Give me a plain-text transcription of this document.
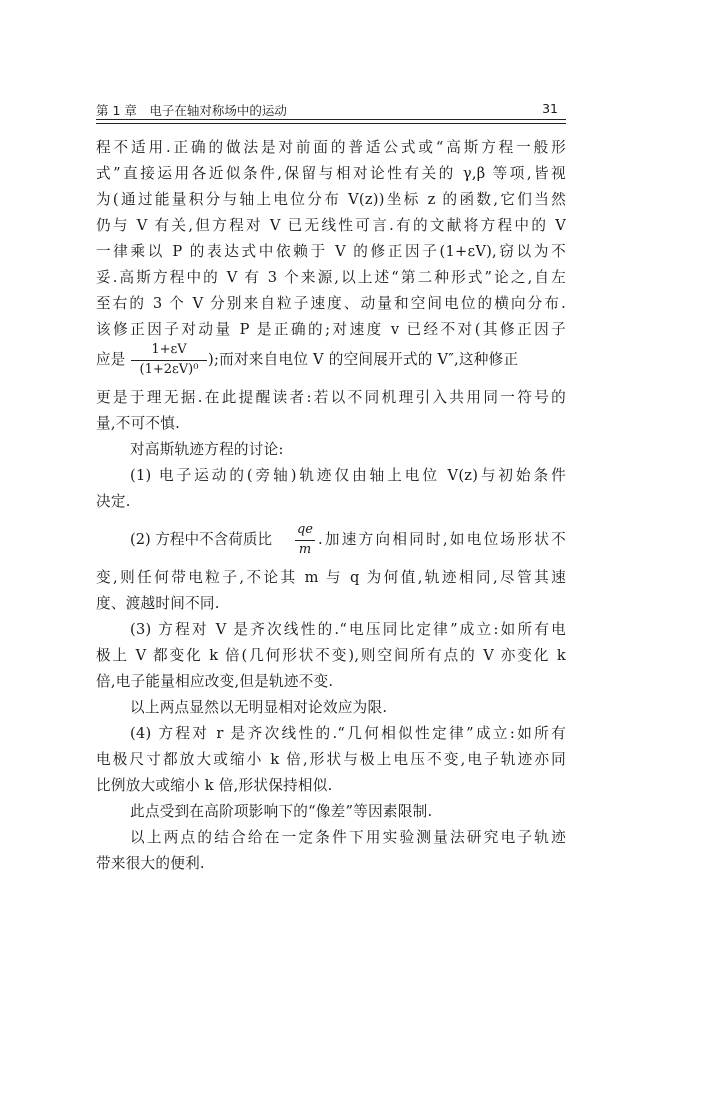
第 1 章　电子在轴对称场中的运动	31
程不适用.正确的做法是对前面的普适公式或“高斯方程一般形
式”直接运用各近似条件,保留与相对论性有关的 γ,β 等项,皆视
为(通过能量积分与轴上电位分布 V(z))坐标 z 的函数,它们当然
仍与 V 有关,但方程对 V 已无线性可言.有的文献将方程中的 V
一律乘以 P 的表达式中依赖于 V 的修正因子(1+εV),窃以为不
妥.高斯方程中的 V 有 3 个来源,以上述“第二种形式”论之,自左
至右的 3 个 V 分别来自粒子速度、动量和空间电位的横向分布.
该修正因子对动量 P 是正确的;对速度 v 已经不对(其修正因子
应是
1+εV
(1+2εV)⁰
);而对来自电位 V 的空间展开式的 V″,这种修正
更是于理无据.在此提醒读者:若以不同机理引入共用同一符号的
量,不可不慎.
对高斯轨迹方程的讨论:
(1) 电子运动的(旁轴)轨迹仅由轴上电位 V(z)与初始条件
决定.
(2) 方程中不含荷质比
qe
m
.加速方向相同时,如电位场形状不
变,则任何带电粒子,不论其 m 与 q 为何值,轨迹相同,尽管其速
度、渡越时间不同.
(3) 方程对 V 是齐次线性的.“电压同比定律”成立:如所有电
极上 V 都变化 k 倍(几何形状不变),则空间所有点的 V 亦变化 k
倍,电子能量相应改变,但是轨迹不变.
以上两点显然以无明显相对论效应为限.
(4) 方程对 r 是齐次线性的.“几何相似性定律”成立:如所有
电极尺寸都放大或缩小 k 倍,形状与极上电压不变,电子轨迹亦同
比例放大或缩小 k 倍,形状保持相似.
此点受到在高阶项影响下的“像差”等因素限制.
以上两点的结合给在一定条件下用实验测量法研究电子轨迹
带来很大的便利.
